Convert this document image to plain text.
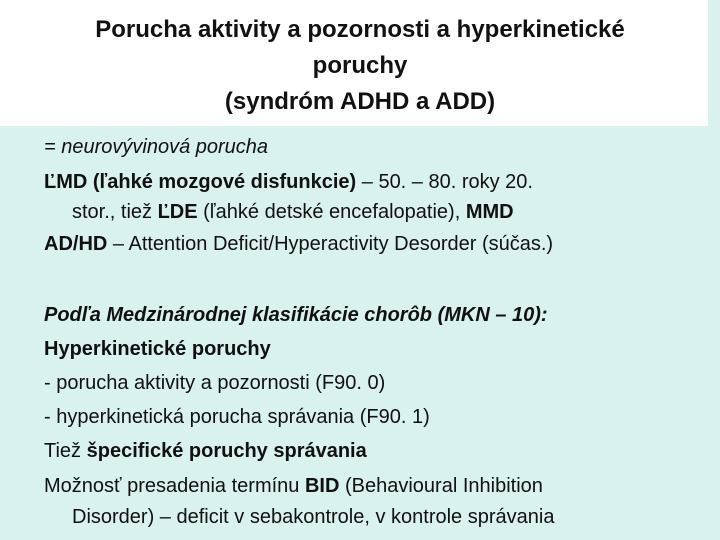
Porucha aktivity a pozornosti a hyperkinetické
poruchy
(syndróm ADHD a ADD)
= neurovývinová porucha
ĽMD (ľahké mozgové disfunkcie) – 50. – 80. roky 20.
stor., tiež ĽDE (ľahké detské encefalopatie), MMD
AD/HD – Attention Deficit/Hyperactivity Desorder (súčas.)
Podľa Medzinárodnej klasifikácie chorôb (MKN – 10):
Hyperkinetické poruchy
- porucha aktivity a pozornosti (F90. 0)
- hyperkinetická porucha správania (F90. 1)
Tiež špecifické poruchy správania
Možnosť presadenia termínu BID (Behavioural Inhibition
Disorder) – deficit v sebakontrole, v kontrole správania
